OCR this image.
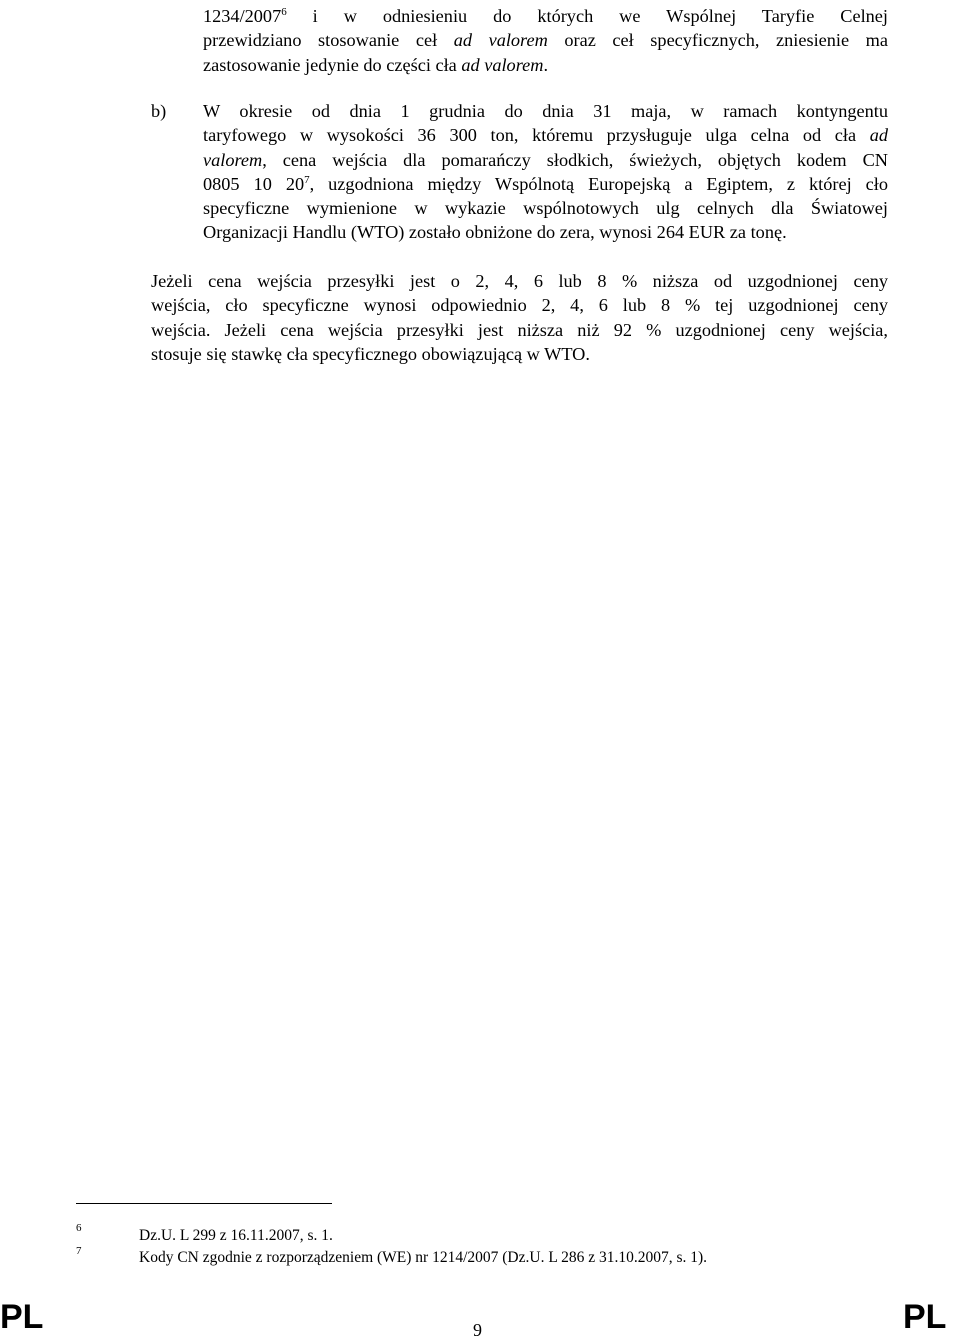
1234/2007$^6$ i w odniesieniu do których we Wspólnej Taryfie Celnej
przewidziano stosowanie ceł ad valorem oraz ceł specyficznych, zniesienie ma
zastosowanie jedynie do części cła ad valorem.
b) W okresie od dnia 1 grudnia do dnia 31 maja, w ramach kontyngentu
taryfowego w wysokości 36 300 ton, któremu przysługuje ulga celna od cła ad
valorem, cena wejścia dla pomarańczy słodkich, świeżych, objętych kodem CN
0805 10 $20^7$, uzgodniona między Wspólnotą Europejską a Egiptem, z której cło
specyficzne wymienione w wykazie wspólnotowych ulg celnych dla Światowej
Organizacji Handlu (WTO) zostało obniżone do zera, wynosi 264 EUR za tonę.
Jeżeli cena wejścia przesyłki jest o 2, 4, 6 lub 8 % niższa od uzgodnionej ceny
wejścia, cło specyficzne wynosi odpowiednio 2, 4, 6 lub 8 % tej uzgodnionej ceny
wejścia. Jeżeli cena wejścia przesyłki jest niższa niż 92 % uzgodnionej ceny wejścia,
stosuje się stawkę cła specyficznego obowiązującą w WTO.
6	Dz.U. L 299 z 16.11.2007, s. 1.
7	Kody CN zgodnie z rozporządzeniem (WE) nr 1214/2007 (Dz.U. L 286 z 31.10.2007, s. 1).
PL	9	PL
